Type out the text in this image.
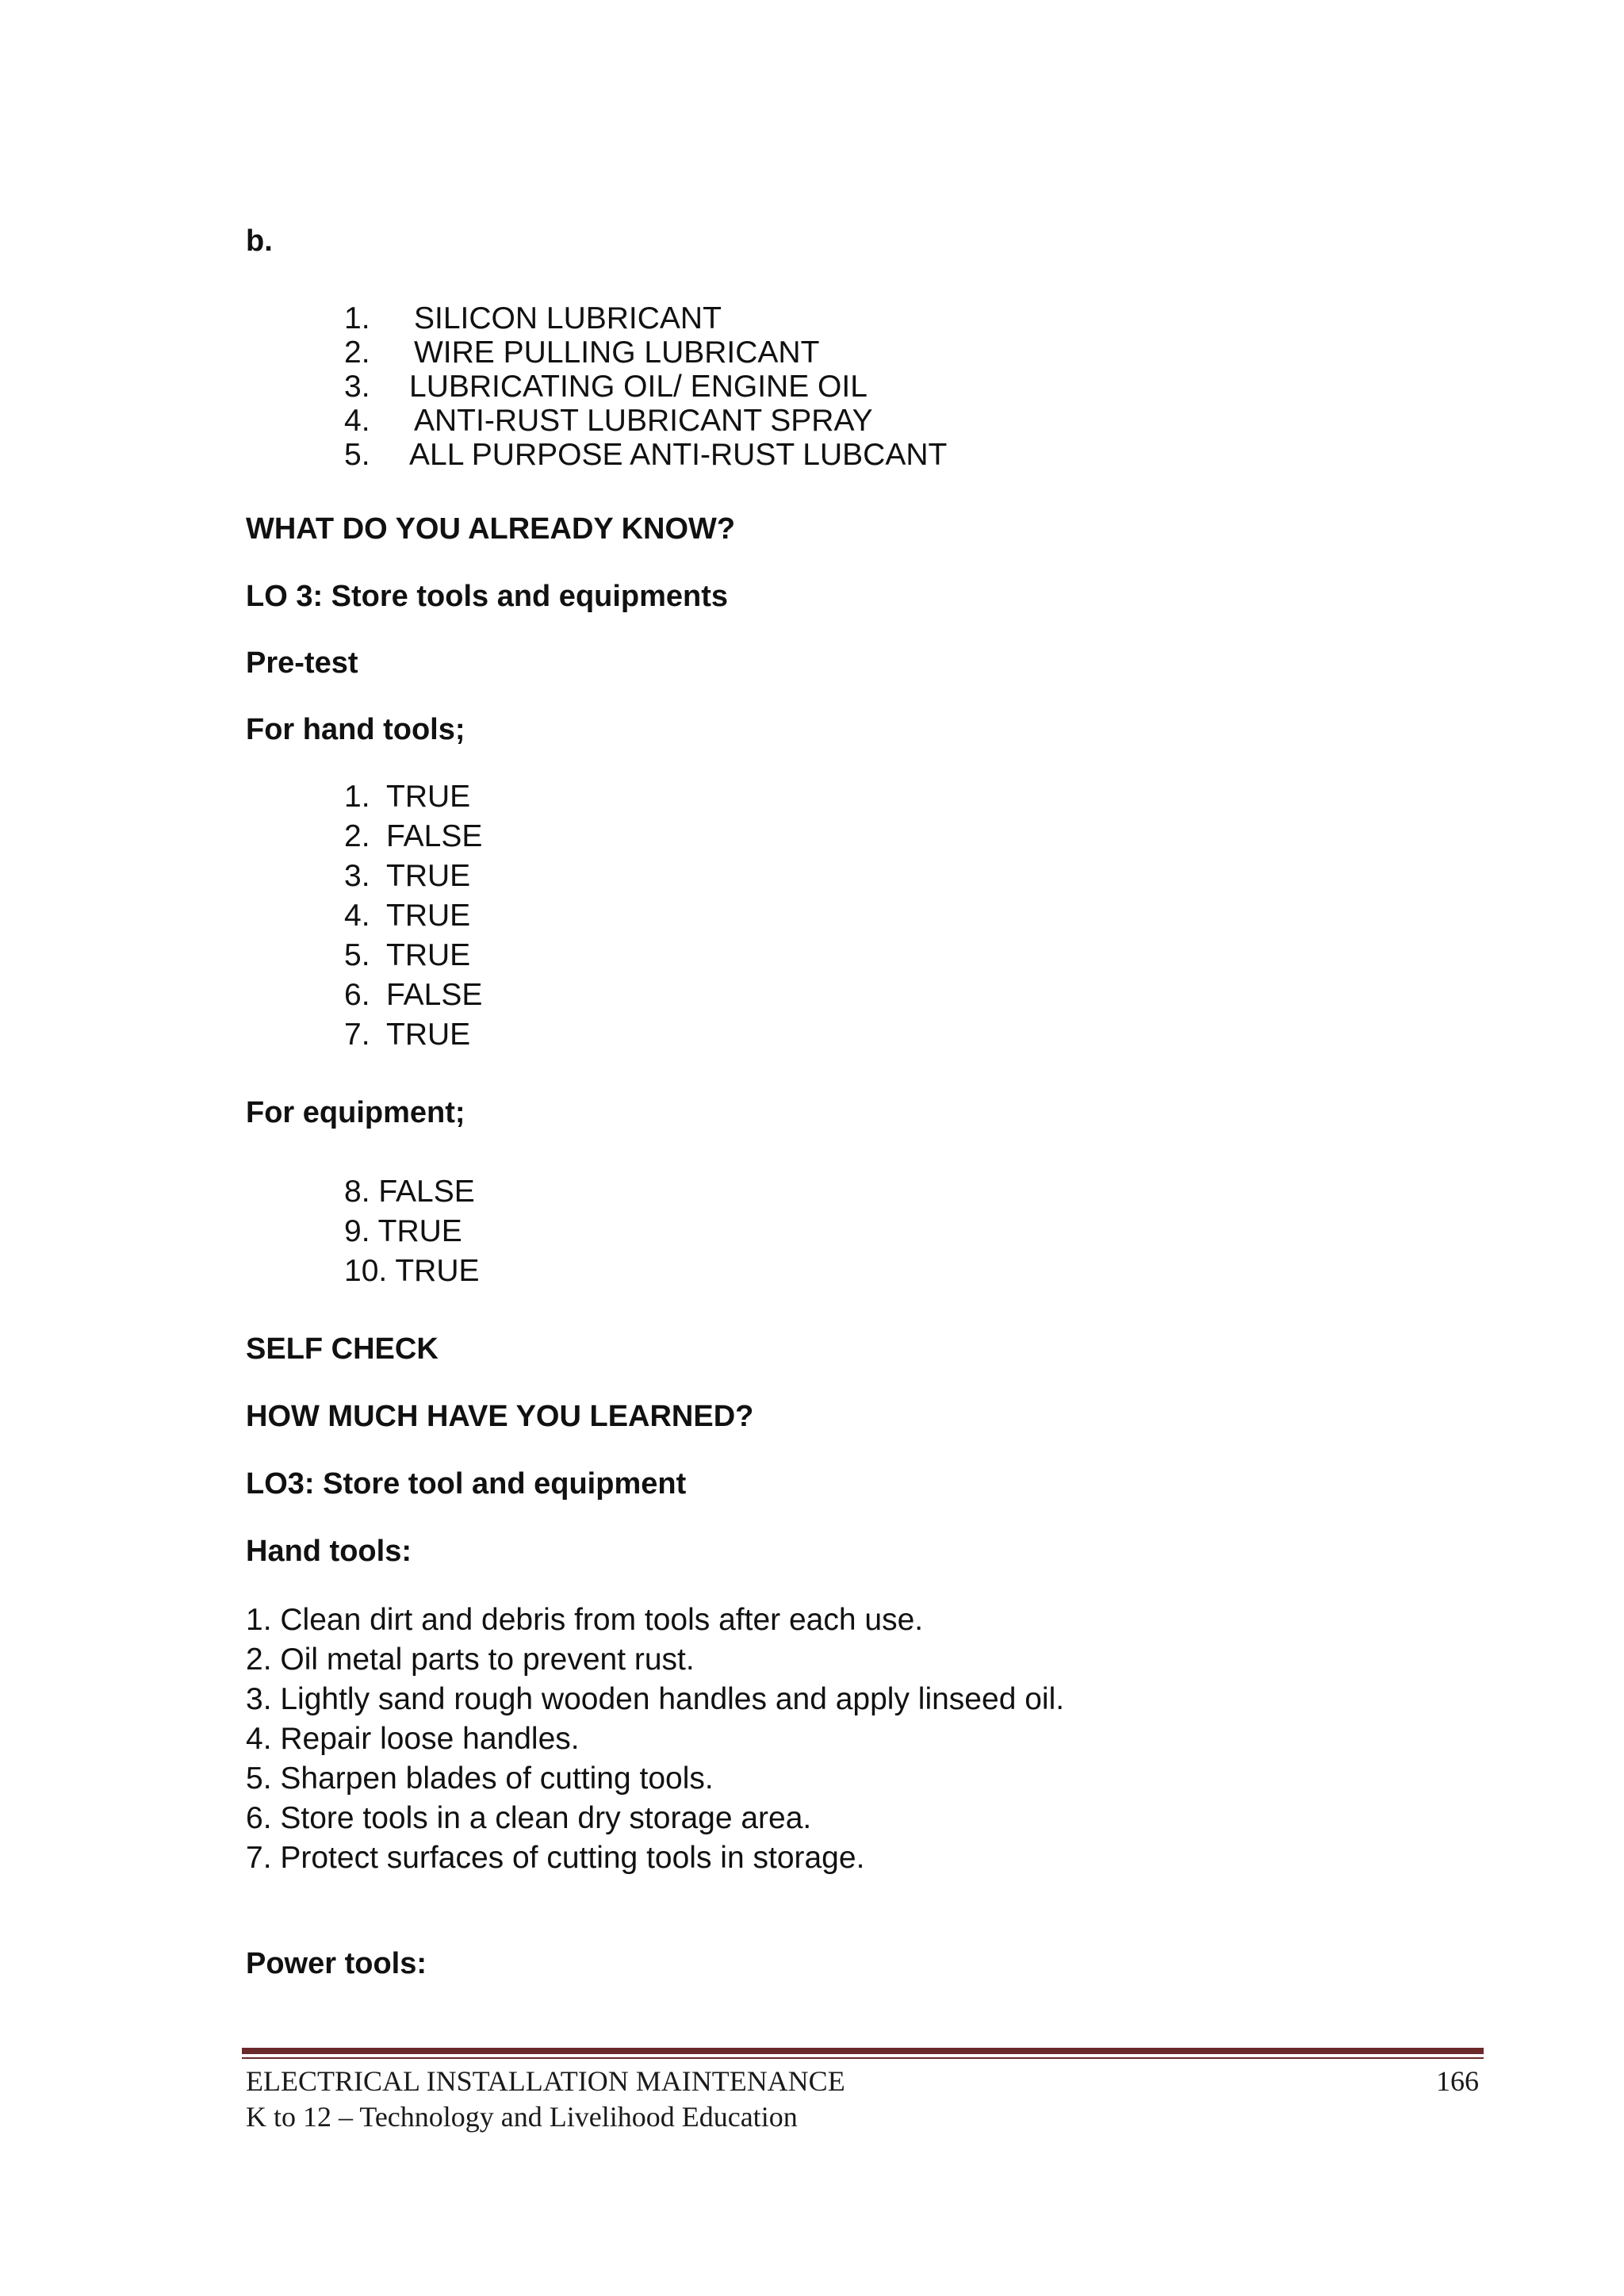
b.
1. SILICON LUBRICANT
2. WIRE PULLING LUBRICANT
3. LUBRICATING OIL/ ENGINE OIL
4. ANTI-RUST LUBRICANT SPRAY
5. ALL PURPOSE ANTI-RUST LUBCANT
WHAT DO YOU ALREADY KNOW?
LO 3: Store tools and equipments
Pre-test
For hand tools;
1. TRUE
2. FALSE
3. TRUE
4. TRUE
5. TRUE
6. FALSE
7. TRUE
For equipment;
8. FALSE
9. TRUE
10. TRUE
SELF CHECK
HOW MUCH HAVE YOU LEARNED?
LO3: Store tool and equipment
Hand tools:
1. Clean dirt and debris from tools after each use.
2. Oil metal parts to prevent rust.
3. Lightly sand rough wooden handles and apply linseed oil.
4. Repair loose handles.
5. Sharpen blades of cutting tools.
6. Store tools in a clean dry storage area.
7. Protect surfaces of cutting tools in storage.
Power tools:
ELECTRICAL INSTALLATION MAINTENANCE
K to 12 – Technology and Livelihood Education
166
